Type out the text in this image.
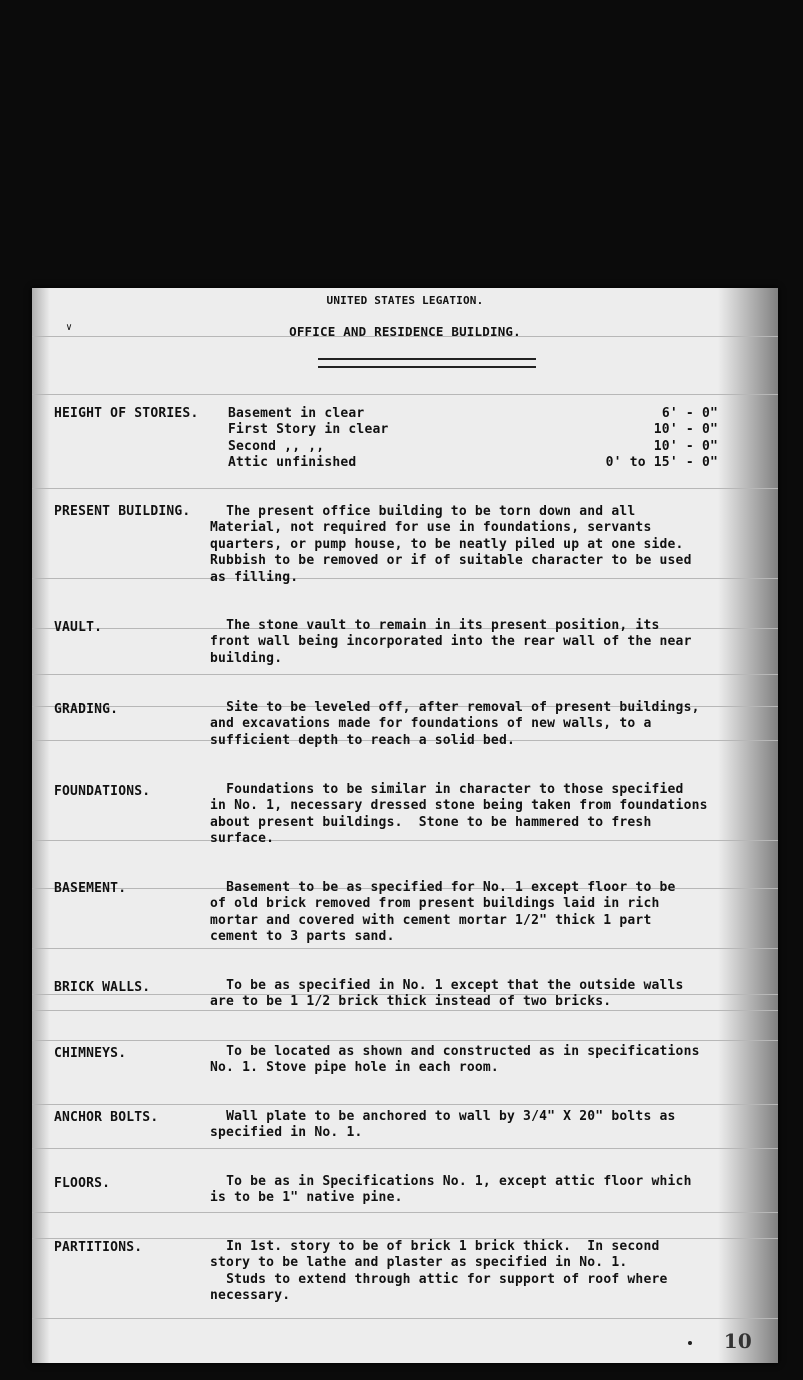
UNITED STATES LEGATION.
∨	OFFICE AND RESIDENCE BUILDING.
HEIGHT OF STORIES. Basement in clear	6' - 0"
First Story in clear	10' - 0"
Second ,, ,,	10' - 0"
Attic unfinished	0' to 15' - 0"
PRESENT BUILDING.	The present office building to be torn down and all
Material, not required for use in foundations, servants
quarters, or pump house, to be neatly piled up at one side.
Rubbish to be removed or if of suitable character to be used
as filling.
VAULT.	The stone vault to remain in its present position, its
front wall being incorporated into the rear wall of the near
building.
GRADING.	Site to be leveled off, after removal of present buildings,
and excavations made for foundations of new walls, to a
sufficient depth to reach a solid bed.
FOUNDATIONS.	Foundations to be similar in character to those specified
in No. 1, necessary dressed stone being taken from foundations
about present buildings.  Stone to be hammered to fresh
surface.
BASEMENT.	Basement to be as specified for No. 1 except floor to be
of old brick removed from present buildings laid in rich
mortar and covered with cement mortar 1/2" thick 1 part
cement to 3 parts sand.
BRICK WALLS.	To be as specified in No. 1 except that the outside walls
are to be 1 1/2 brick thick instead of two bricks.
CHIMNEYS.	To be located as shown and constructed as in specifications
No. 1. Stove pipe hole in each room.
ANCHOR BOLTS.	Wall plate to be anchored to wall by 3/4" X 20" bolts as
specified in No. 1.
FLOORS.	To be as in Specifications No. 1, except attic floor which
is to be 1" native pine.
PARTITIONS.	In 1st. story to be of brick 1 brick thick.  In second
story to be lathe and plaster as specified in No. 1.
Studs to extend through attic for support of roof where
necessary.
10
